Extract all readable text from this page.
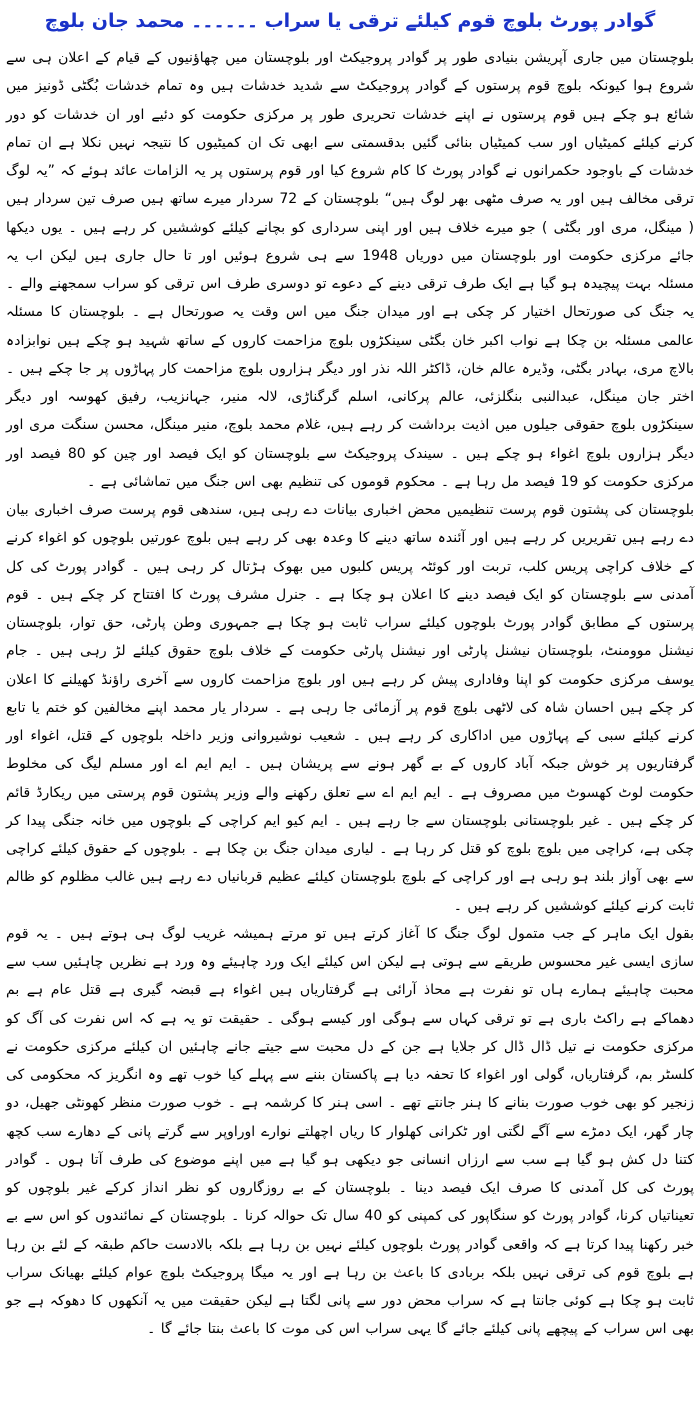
گوادر پورٹ بلوچ قوم کیلئے ترقی یا سراب ۔۔۔۔۔۔ محمد جان بلوچ

بلوچستان میں جاری آپریشن بنیادی طور پر گوادر پروجیکٹ اور بلوچستان میں چھاؤنیوں کے قیام کے اعلان ہی سے شروع ہوا کیونکہ بلوچ قوم پرستوں کے گوادر پروجیکٹ سے شدید خدشات ہیں وہ تمام خدشات بُگٹی ڈونیز میں شائع ہو چکے ہیں قوم پرستوں نے اپنے خدشات تحریری طور پر مرکزی حکومت کو دئیے اور ان خدشات کو دور کرنے کیلئے کمیٹیاں اور سب کمیٹیاں بنائی گئیں بدقسمتی سے ابھی تک ان کمیٹیوں کا نتیجہ نہیں نکلا ہے ان تمام خدشات کے باوجود حکمرانوں نے گوادر پورٹ کا کام شروع کیا اور قوم پرستوں پر یہ الزامات عائد ہوئے کہ ”یہ لوگ ترقی مخالف ہیں اور یہ صرف مٹھی بھر لوگ ہیں“ بلوچستان کے 72 سردار میرے ساتھ ہیں صرف تین سردار ہیں ( مینگل، مری اور بگٹی ) جو میرے خلاف ہیں اور اپنی سرداری کو بچانے کیلئے کوششیں کر رہے ہیں ۔ یوں دیکھا جائے مرکزی حکومت اور بلوچستان میں دوریاں 1948 سے ہی شروع ہوئیں اور تا حال جاری ہیں لیکن اب یہ مسئلہ بہت پیچیدہ ہو گیا ہے ایک طرف ترقی دینے کے دعوے تو دوسری طرف اس ترقی کو سراب سمجھنے والے ۔ یہ جنگ کی صورتحال اختیار کر چکی ہے اور میدان جنگ میں اس وقت یہ صورتحال ہے ۔ بلوچستان کا مسئلہ عالمی مسئلہ بن چکا ہے نواب اکبر خان بگٹی سینکڑوں بلوچ مزاحمت کاروں کے ساتھ شہید ہو چکے ہیں نوابزادہ بالاچ مری، بہادر بگٹی، وڈیرہ عالم خان، ڈاکٹر اللہ نذر اور دیگر ہزاروں بلوچ مزاحمت کار پہاڑوں پر جا چکے ہیں ۔ اختر جان مینگل، عبدالنبی بنگلزئی، عالم پرکانی، اسلم گرگناڑی، لالہ منیر، جہانزیب، رفیق کھوسہ اور دیگر سینکڑوں بلوچ حقوقی جیلوں میں اذیت برداشت کر رہے ہیں، غلام محمد بلوچ، منیر مینگل، محسن سنگت مری اور دیگر ہزاروں بلوچ اغواء ہو چکے ہیں ۔ سیندک پروجیکٹ سے بلوچستان کو ایک فیصد اور چین کو 80 فیصد اور مرکزی حکومت کو 19 فیصد مل رہا ہے ۔ محکوم قوموں کی تنظیم بھی اس جنگ میں تماشائی ہے ۔

بلوچستان کی پشتون قوم پرست تنظیمیں محض اخباری بیانات دے رہی ہیں، سندھی قوم پرست صرف اخباری بیان دے رہے ہیں تقریریں کر رہے ہیں اور آئندہ ساتھ دینے کا وعدہ بھی کر رہے ہیں بلوچ عورتیں بلوچوں کو اغواء کرنے کے خلاف کراچی پریس کلب، تربت اور کوئٹہ پریس کلبوں میں بھوک ہڑتال کر رہی ہیں ۔ گوادر پورٹ کی کل آمدنی سے بلوچستان کو ایک فیصد دینے کا اعلان ہو چکا ہے ۔ جنرل مشرف پورٹ کا افتتاح کر چکے ہیں ۔ قوم پرستوں کے مطابق گوادر پورٹ بلوچوں کیلئے سراب ثابت ہو چکا ہے جمہوری وطن پارٹی، حق توار، بلوچستان نیشنل موومنٹ، بلوچستان نیشنل پارٹی اور نیشنل پارٹی حکومت کے خلاف بلوچ حقوق کیلئے لڑ رہی ہیں ۔ جام یوسف مرکزی حکومت کو اپنا وفاداری پیش کر رہے ہیں اور بلوچ مزاحمت کاروں سے آخری راؤنڈ کھیلنے کا اعلان کر چکے ہیں احسان شاہ کی لاٹھی بلوچ قوم پر آزمائی جا رہی ہے ۔ سردار یار محمد اپنے مخالفین کو ختم یا تابع کرنے کیلئے سبی کے پہاڑوں میں اداکاری کر رہے ہیں ۔ شعیب نوشیروانی وزیر داخلہ بلوچوں کے قتل، اغواء اور گرفتاریوں پر خوش جبکہ آباد کاروں کے بے گھر ہونے سے پریشان ہیں ۔ ایم ایم اے اور مسلم لیگ کی مخلوط حکومت لوٹ کھسوٹ میں مصروف ہے ۔ ایم ایم اے سے تعلق رکھنے والے وزیر پشتون قوم پرستی میں ریکارڈ قائم کر چکے ہیں ۔ غیر بلوچستانی بلوچستان سے جا رہے ہیں ۔ ایم کیو ایم کراچی کے بلوچوں میں خانہ جنگی پیدا کر چکی ہے، کراچی میں بلوچ بلوچ کو قتل کر رہا ہے ۔ لیاری میدان جنگ بن چکا ہے ۔ بلوچوں کے حقوق کیلئے کراچی سے بھی آواز بلند ہو رہی ہے اور کراچی کے بلوچ بلوچستان کیلئے عظیم قربانیاں دے رہے ہیں غالب مظلوم کو ظالم ثابت کرنے کیلئے کوششیں کر رہے ہیں ۔

بقول ایک ماہر کے جب متمول لوگ جنگ کا آغاز کرتے ہیں تو مرتے ہمیشہ غریب لوگ ہی ہوتے ہیں ۔ یہ قوم سازی ایسی غیر محسوس طریقے سے ہوتی ہے لیکن اس کیلئے ایک ورد چاہیئے وہ ورد ہے نظریں چاہئیں سب سے محبت چاہیئے ہمارے ہاں تو نفرت ہے محاذ آرائی ہے گرفتاریاں ہیں اغواء ہے قبضہ گیری ہے قتل عام ہے بم دھماکے ہے راکٹ باری ہے تو ترقی کہاں سے ہوگی اور کیسے ہوگی ۔ حقیقت تو یہ ہے کہ اس نفرت کی آگ کو مرکزی حکومت نے تیل ڈال ڈال کر جلایا ہے جن کے دل محبت سے جیتے جانے چاہئیں ان کیلئے مرکزی حکومت نے کلسٹر بم، گرفتاریاں، گولی اور اغواء کا تحفہ دیا ہے پاکستان بننے سے پہلے کیا خوب تھے وہ انگریز کہ محکومی کی زنجیر کو بھی خوب صورت بنانے کا ہنر جانتے تھے ۔ اسی ہنر کا کرشمہ ہے ۔ خوب صورت منظر کھونٹی جھیل، دو چار گھر، ایک دمڑے سے آگے لگتی اور ٹکرانی کھلوار کا ریاں اچھلتے نوارے اوراوپر سے گرتے پانی کے دھارے سب کچھ کتنا دل کش ہو گیا ہے سب سے ارزاں انسانی جو دیکھی ہو گیا ہے میں اپنے موضوع کی طرف آتا ہوں ۔ گوادر پورٹ کی کل آمدنی کا صرف ایک فیصد دینا ۔ بلوچستان کے بے روزگاروں کو نظر انداز کرکے غیر بلوچوں کو تعیناتیاں کرنا، گوادر پورٹ کو سنگاپور کی کمپنی کو 40 سال تک حوالہ کرنا ۔ بلوچستان کے نمائندوں کو اس سے بے خبر رکھنا پیدا کرتا ہے کہ واقعی گوادر پورٹ بلوچوں کیلئے نہیں بن رہا ہے بلکہ بالادست حاکم طبقہ کے لئے بن رہا ہے بلوچ قوم کی ترقی نہیں بلکہ بربادی کا باعث بن رہا ہے اور یہ میگا پروجیکٹ بلوچ عوام کیلئے بھیانک سراب ثابت ہو چکا ہے کوئی جانتا ہے کہ سراب محض دور سے پانی لگتا ہے لیکن حقیقت میں یہ آنکھوں کا دھوکہ ہے جو بھی اس سراب کے پیچھے پانی کیلئے جائے گا یہی سراب اس کی موت کا باعث بنتا جائے گا ۔
